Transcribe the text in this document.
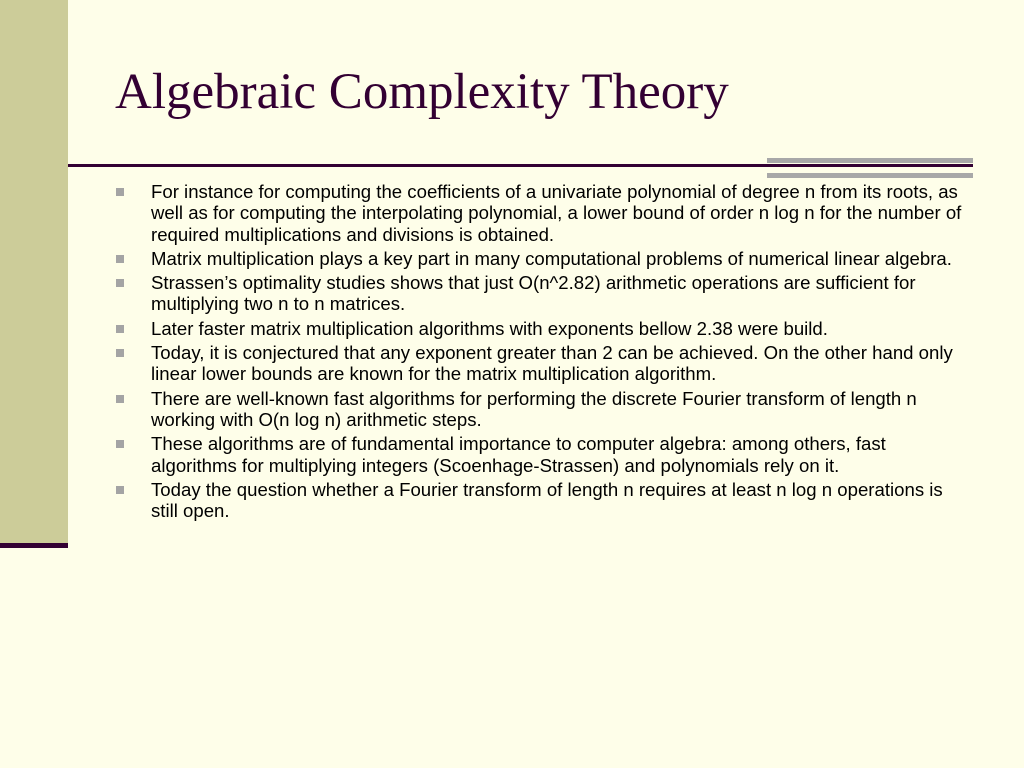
Algebraic Complexity Theory
For instance for computing the coefficients of a univariate polynomial of degree n from its roots, as well as for computing the interpolating polynomial, a lower bound of order n log n for the number of required multiplications and divisions is obtained.
Matrix multiplication plays a key part in many computational problems of numerical linear algebra.
Strassen’s optimality studies shows that just O(n^2.82) arithmetic operations are sufficient for multiplying two n to n matrices.
Later faster matrix multiplication algorithms with exponents bellow 2.38 were build.
Today, it is conjectured that any exponent greater than 2 can be achieved. On the other hand only linear lower bounds are known for the matrix multiplication algorithm.
There are well-known fast algorithms for performing the discrete Fourier transform of length n working with O(n log n) arithmetic steps.
These algorithms are of fundamental importance to computer algebra: among others, fast algorithms for multiplying integers (Scoenhage-Strassen) and polynomials rely on it.
Today the question whether a Fourier transform of length n requires at least n log n operations is still open.
